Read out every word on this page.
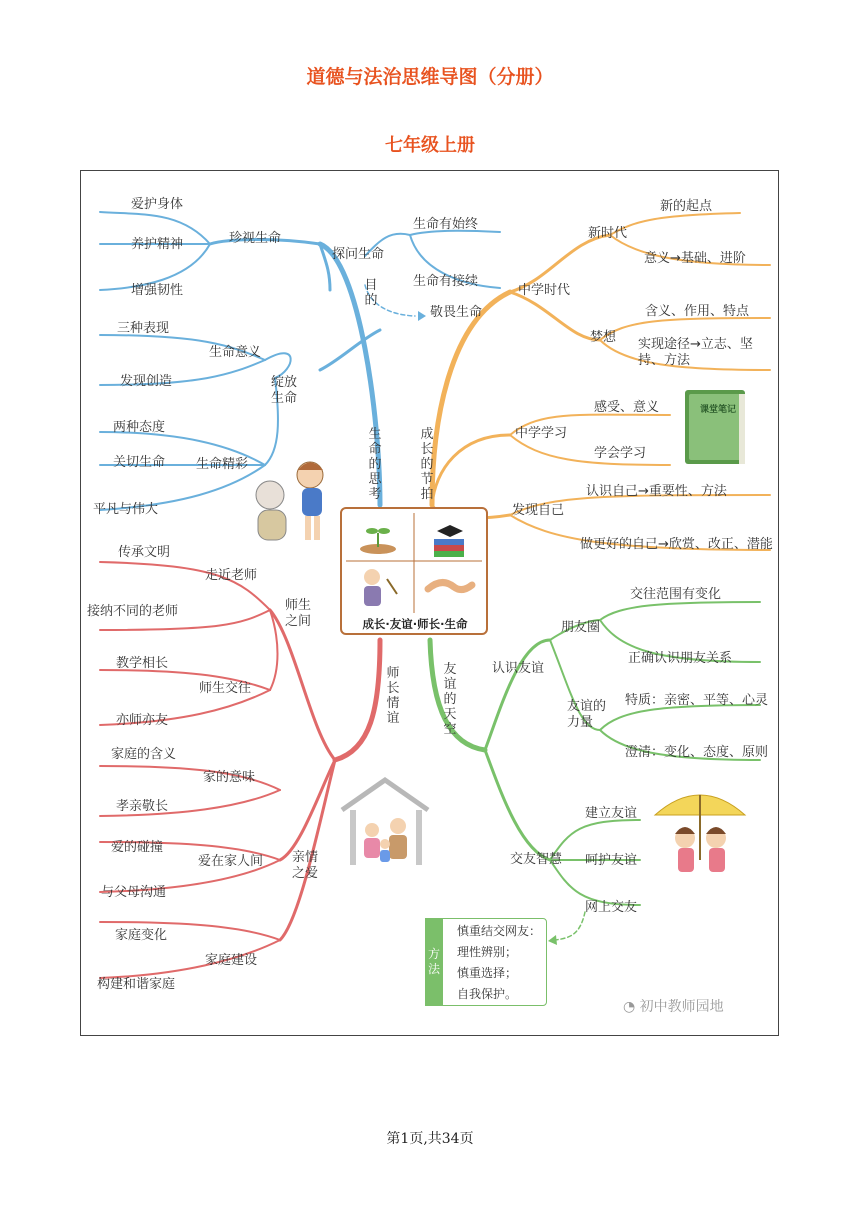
道德与法治思维导图（分册）
七年级上册
成长·友谊·师长·生命
生命的思考
成长的节拍
师长情谊
友谊的天空
爱护身体
养护精神
增强韧性
珍视生命
探问生命
生命有始终
生命有接续
目的
敬畏生命
三种表现
发现创造
生命意义
绽放生命
两种态度
关切生命
平凡与伟大
生命精彩
新的起点
意义→基础、进阶
新时代
中学时代
含义、作用、特点
实现途径→立志、坚持、方法
梦想
中学学习
感受、意义
学会学习
课堂笔记
发现自己
认识自己→重要性、方法
做更好的自己→欣赏、改正、潜能
传承文明
接纳不同的老师
走近老师
师生之间
教学相长
亦师亦友
师生交往
家庭的含义
孝亲敬长
家的意味
爱的碰撞
与父母沟通
爱在家人间 亲情之爱
家庭变化
构建和谐家庭
家庭建设
朋友圈
交往范围有变化
正确认识朋友关系
认识友谊
友谊的力量
特质：亲密、平等、心灵
澄清：变化、态度、原则
交友智慧
建立友谊
呵护友谊
网上交友
方法
慎重结交网友：
理性辨别；
慎重选择；
自我保护。
◔ 初中教师园地
第1页,共34页
